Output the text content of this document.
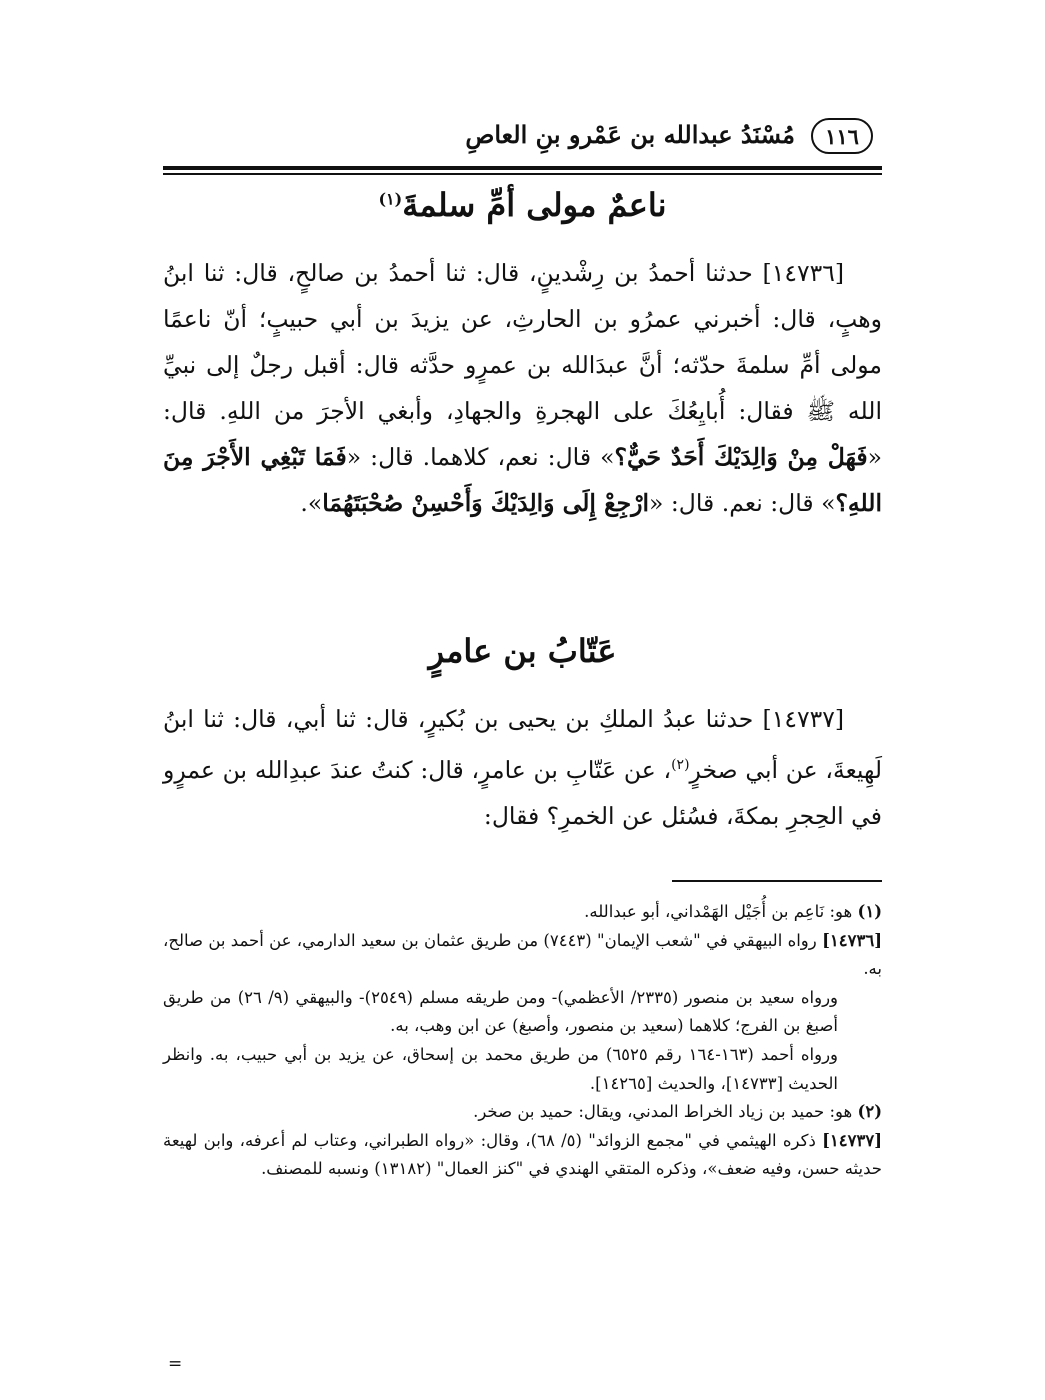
١١٦
مُسْنَدُ عبدالله بن عَمْرو بنِ العاصِ
ناعمٌ مولى أمِّ سلمةَ$^{(١)}$

[١٤٧٣٦] حدثنا أحمدُ بن رِشْدينٍ، قال: ثنا أحمدُ بن صالحٍ، قال: ثنا ابنُ وهبٍ، قال: أخبرني عمرُو بن الحارثِ، عن يزيدَ بن أبي حبيبٍ؛ أنّ ناعمًا مولى أمِّ سلمةَ حدّثه؛ أنَّ عبدَالله بن عمرٍو حدَّثه قال: أقبل رجلٌ إلى نبيِّ الله ﷺ فقال: أُبايِعُكَ على الهجرةِ والجهادِ، وأبغي الأجرَ من اللهِ. قال: «فَهَلْ مِنْ وَالِدَيْكَ أَحَدٌ حَيٌّ؟» قال: نعم، كلاهما. قال: «فَمَا تَبْغِي الأَجْرَ مِنَ اللهِ؟» قال: نعم. قال: «ارْجِعْ إِلَى وَالِدَيْكَ وَأَحْسِنْ صُحْبَتَهُمَا».

عَتّابُ بن عامرٍ

[١٤٧٣٧] حدثنا عبدُ الملكِ بن يحيى بن بُكيرٍ، قال: ثنا أبي، قال: ثنا ابنُ لَهِيعةَ، عن أبي صخرٍ$^{(٢)}$، عن عَتّابِ بن عامرٍ، قال: كنتُ عندَ عبدِالله بن عمرٍو في الحِجرِ بمكةَ، فسُئل عن الخمرِ؟ فقال:

(١) هو: نَاعِم بن أُجَيْل الهَمْداني، أبو عبدالله.

[١٤٧٣٦] رواه البيهقي في "شعب الإيمان" (٧٤٤٣) من طريق عثمان بن سعيد الدارمي، عن أحمد بن صالح، به.

ورواه سعيد بن منصور (٢٣٣٥/ الأعظمي)- ومن طريقه مسلم (٢٥٤٩)- والبيهقي (٩/ ٢٦) من طريق أصبغ بن الفرج؛ كلاهما (سعيد بن منصور، وأصبغ) عن ابن وهب، به.

ورواه أحمد (١٦٣-١٦٤ رقم ٦٥٢٥) من طريق محمد بن إسحاق، عن يزيد بن أبي حبيب، به. وانظر الحديث [١٤٧٣٣]، والحديث [١٤٢٦٥].

(٢) هو: حميد بن زياد الخراط المدني، ويقال: حميد بن صخر.

[١٤٧٣٧] ذكره الهيثمي في "مجمع الزوائد" (٥/ ٦٨)، وقال: «رواه الطبراني، وعتاب لم أعرفه، وابن لهيعة حديثه حسن، وفيه ضعف»، وذكره المتقي الهندي في "كنز العمال" (١٣١٨٢) ونسبه للمصنف.

=
